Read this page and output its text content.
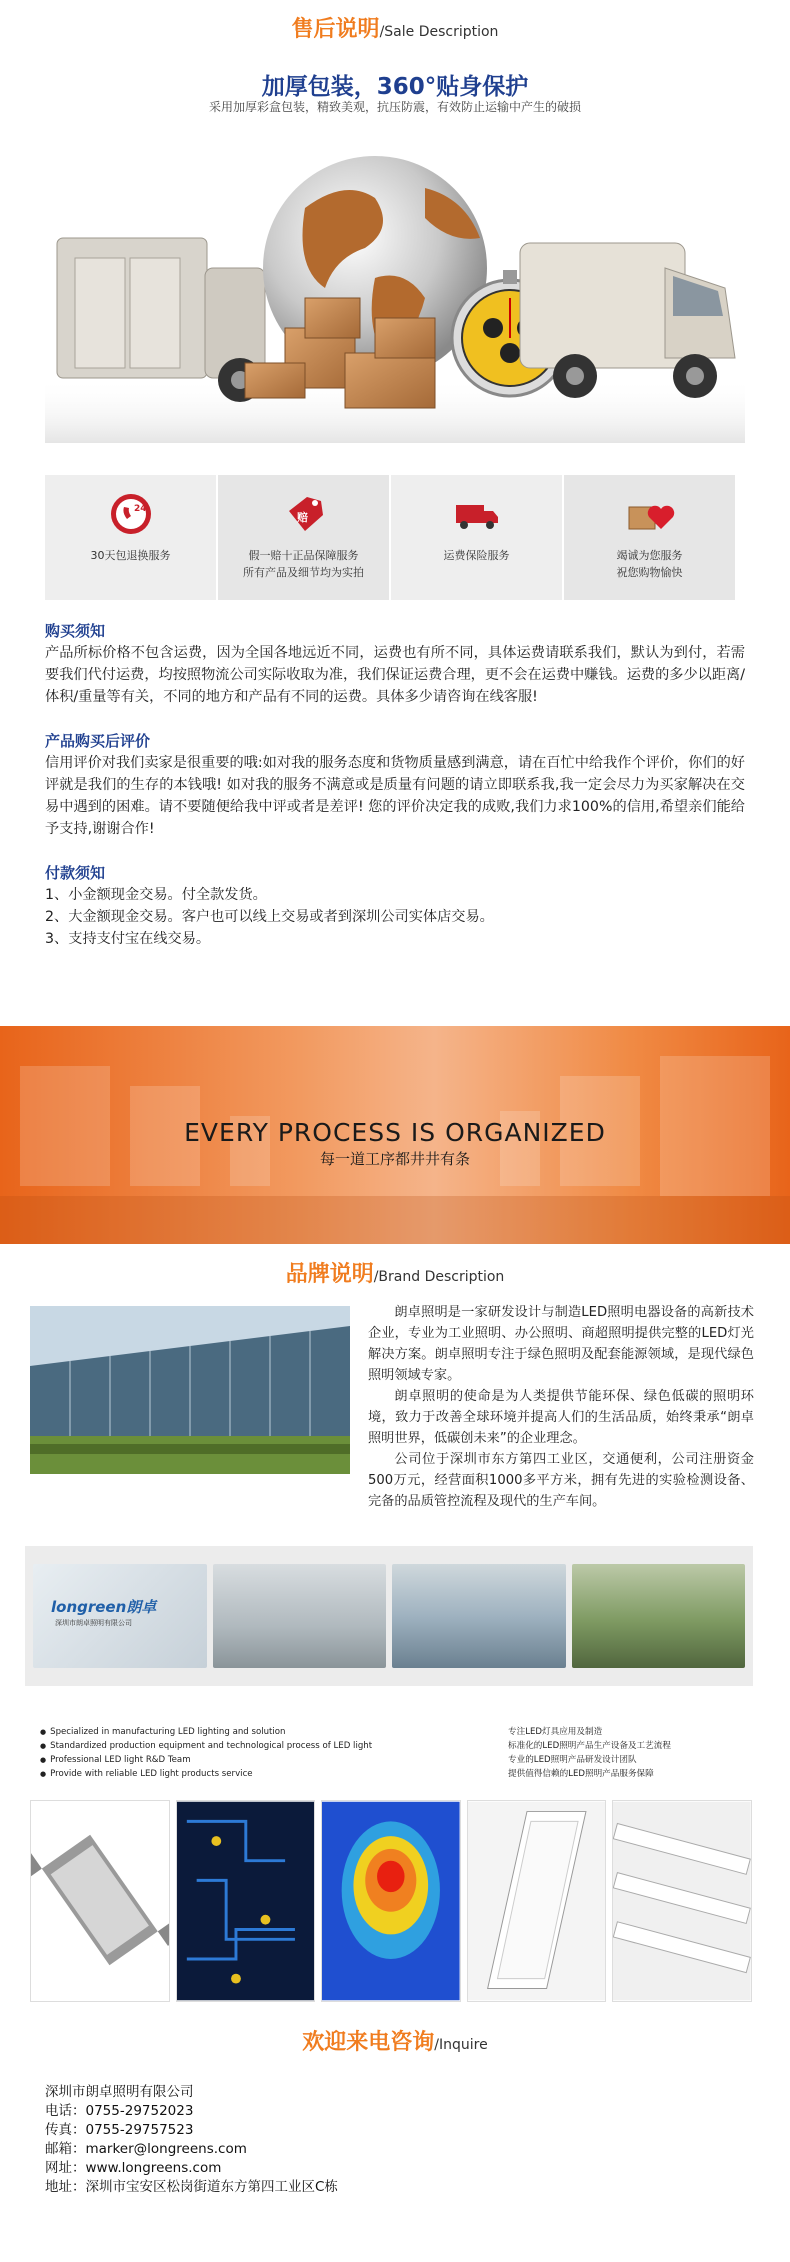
售后说明/Sale Description
加厚包装，360°贴身保护
采用加厚彩盒包装，精致美观，抗压防震，有效防止运输中产生的破损
24
30天包退换服务
赔
假一赔十正品保障服务
所有产品及细节均为实拍
运费保险服务	竭诚为您服务
祝您购物愉快
购买须知
产品所标价格不包含运费，因为全国各地远近不同，运费也有所不同，具体运费请联系我们，默认为到付，若需要我们代付运费，均按照物流公司实际收取为准，我们保证运费合理，更不会在运费中赚钱。运费的多少以距离/体积/重量等有关，不同的地方和产品有不同的运费。具体多少请咨询在线客服!
产品购买后评价
信用评价对我们卖家是很重要的哦:如对我的服务态度和货物质量感到满意，请在百忙中给我作个评价，你们的好评就是我们的生存的本钱哦! 如对我的服务不满意或是质量有问题的请立即联系我,我一定会尽力为买家解决在交易中遇到的困难。请不要随便给我中评或者是差评! 您的评价决定我的成败,我们力求100%的信用,希望亲们能给予支持,谢谢合作!
付款须知
1、小金额现金交易。付全款发货。
2、大金额现金交易。客户也可以线上交易或者到深圳公司实体店交易。
3、支持支付宝在线交易。
EVERY PROCESS IS ORGANIZED
每一道工序都井井有条
品牌说明/Brand Description

朗卓照明是一家研发设计与制造LED照明电器设备的高新技术企业，专业为工业照明、办公照明、商超照明提供完整的LED灯光解决方案。朗卓照明专注于绿色照明及配套能源领域，是现代绿色照明领域专家。

朗卓照明的使命是为人类提供节能环保、绿色低碳的照明环境，致力于改善全球环境并提高人们的生活品质，始终秉承“朗卓照明世界，低碳创未来”的企业理念。

公司位于深圳市东方第四工业区，交通便利，公司注册资金500万元，经营面积1000多平方米，拥有先进的实验检测设备、完备的品质管控流程及现代的生产车间。

longreen朗卓
深圳市朗卓照明有限公司
● Specialized in manufacturing LED lighting and solution
● Standardized production equipment and technological process of LED light
● Professional LED light R&D Team
● Provide with reliable LED light products service
专注LED灯具应用及制造
标准化的LED照明产品生产设备及工艺流程
专业的LED照明产品研发设计团队
提供值得信赖的LED照明产品服务保障
欢迎来电咨询/Inquire
深圳市朗卓照明有限公司
电话：0755-29752023
传真：0755-29757523
邮箱：marker@longreens.com
网址：www.longreens.com
地址：深圳市宝安区松岗街道东方第四工业区C栋
